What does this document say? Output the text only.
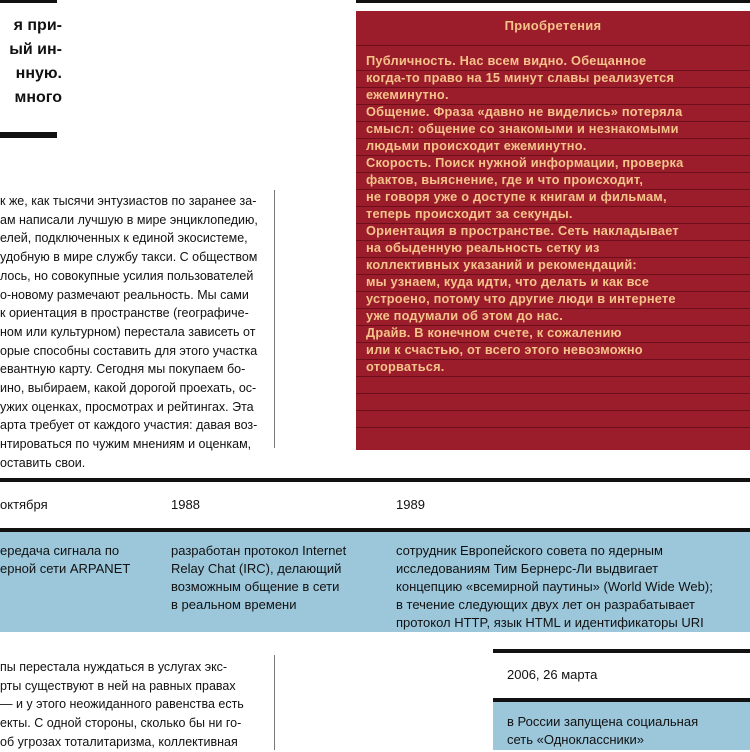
я при-
ый ин-
нную.
много
к же, как тысячи энтузиастов по заранее за-
ам написали лучшую в мире энциклопедию,
елей, подключенных к единой экосистеме,
удобную в мире службу такси. С обществом
лось, но совокупные усилия пользователей
о-новому размечают реальность. Мы сами
к ориентация в пространстве (географиче-
ном или культурном) перестала зависеть от
орые способны составить для этого участка
евантную карту. Сегодня мы покупаем бо-
ино, выбираем, какой дорогой проехать, ос-
ужих оценках, просмотрах и рейтингах. Эта
арта требует от каждого участия: давая воз-
нтироваться по чужим мнениям и оценкам,
оставить свои.
Приобретения
Публичность. Нас всем видно. Обещанное
когда-то право на 15 минут славы реализуется
ежеминутно.
Общение. Фраза «давно не виделись» потеряла
смысл: общение со знакомыми и незнакомыми
людьми происходит ежеминутно.
Скорость. Поиск нужной информации, проверка
фактов, выяснение, где и что происходит,
не говоря уже о доступе к книгам и фильмам,
теперь происходит за секунды.
Ориентация в пространстве. Сеть накладывает
на обыденную реальность сетку из
коллективных указаний и рекомендаций:
мы узнаем, куда идти, что делать и как все
устроено, потому что другие люди в интернете
уже подумали об этом до нас.
Драйв. В конечном счете, к сожалению
или к счастью, от всего этого невозможно
оторваться.
октября	1988	1989
ередача сигнала по
ерной сети ARPANET
разработан протокол Internet
Relay Chat (IRC), делающий
возможным общение в сети
в реальном времени
сотрудник Европейского совета по ядерным
исследованиям Тим Бернерс-Ли выдвигает
концепцию «всемирной паутины» (World Wide Web);
в течение следующих двух лет он разрабатывает
протокол HTTP, язык HTML и идентификаторы URI
пы перестала нуждаться в услугах экс-
рты существуют в ней на равных правах
— и у этого неожиданного равенства есть
екты. С одной стороны, сколько бы ни го-
об угрозах тоталитаризма, коллективная
2006, 26 марта
в России запущена социальная
сеть «Одноклассники»
